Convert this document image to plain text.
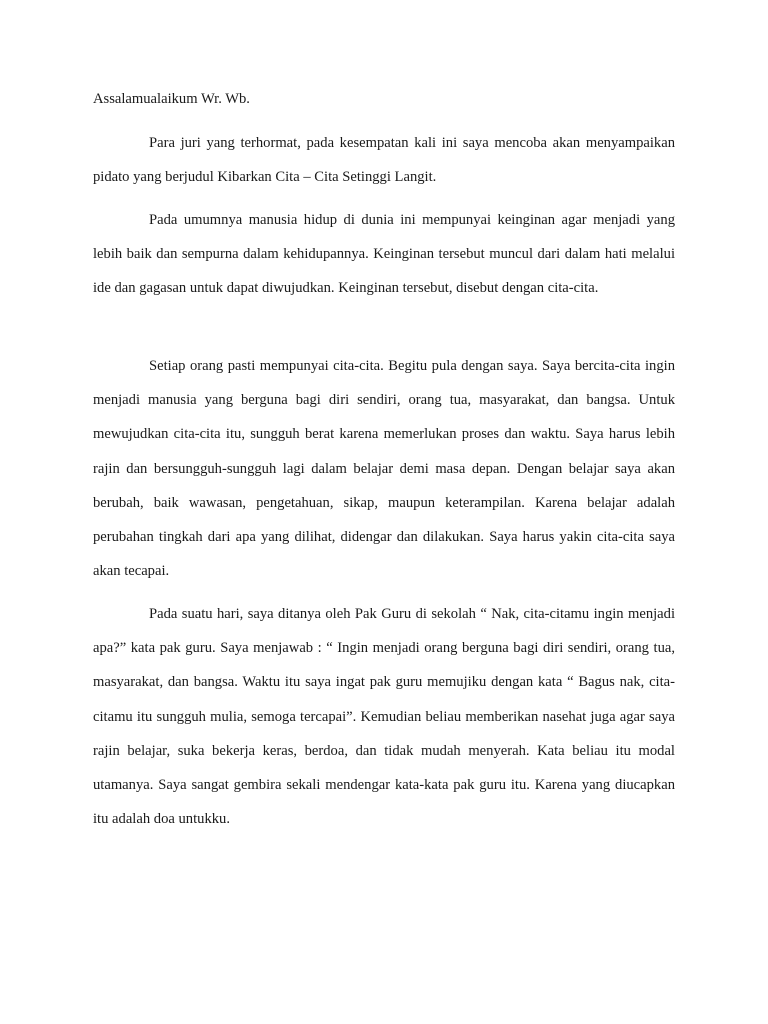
Assalamualaikum Wr. Wb.

Para juri yang terhormat, pada kesempatan kali ini saya mencoba akan menyampaikan pidato yang berjudul Kibarkan Cita – Cita Setinggi Langit.

Pada umumnya manusia hidup di dunia ini mempunyai keinginan agar menjadi yang lebih baik dan sempurna dalam kehidupannya. Keinginan tersebut muncul dari dalam hati melalui ide dan gagasan untuk dapat diwujudkan. Keinginan tersebut, disebut dengan cita-cita.

Setiap orang pasti mempunyai cita-cita. Begitu pula dengan saya. Saya bercita-cita ingin menjadi manusia yang berguna bagi diri sendiri, orang tua, masyarakat, dan bangsa. Untuk mewujudkan cita-cita itu, sungguh berat karena memerlukan proses dan waktu. Saya harus lebih rajin dan bersungguh-sungguh lagi dalam belajar demi masa depan. Dengan belajar saya akan berubah, baik wawasan, pengetahuan, sikap, maupun keterampilan. Karena belajar adalah perubahan tingkah dari apa yang dilihat, didengar dan dilakukan. Saya harus yakin cita-cita saya akan tecapai.

Pada suatu hari, saya ditanya oleh Pak Guru di sekolah “ Nak, cita-citamu ingin menjadi apa?” kata pak guru. Saya menjawab : “ Ingin menjadi orang berguna bagi diri sendiri, orang tua, masyarakat, dan bangsa. Waktu itu saya ingat pak guru memujiku dengan kata “ Bagus nak, cita-citamu itu sungguh mulia, semoga tercapai”. Kemudian beliau memberikan nasehat juga agar saya rajin belajar, suka bekerja keras, berdoa, dan tidak mudah menyerah. Kata beliau itu modal utamanya. Saya sangat gembira sekali mendengar kata-kata pak guru itu. Karena yang diucapkan itu adalah doa untukku.
